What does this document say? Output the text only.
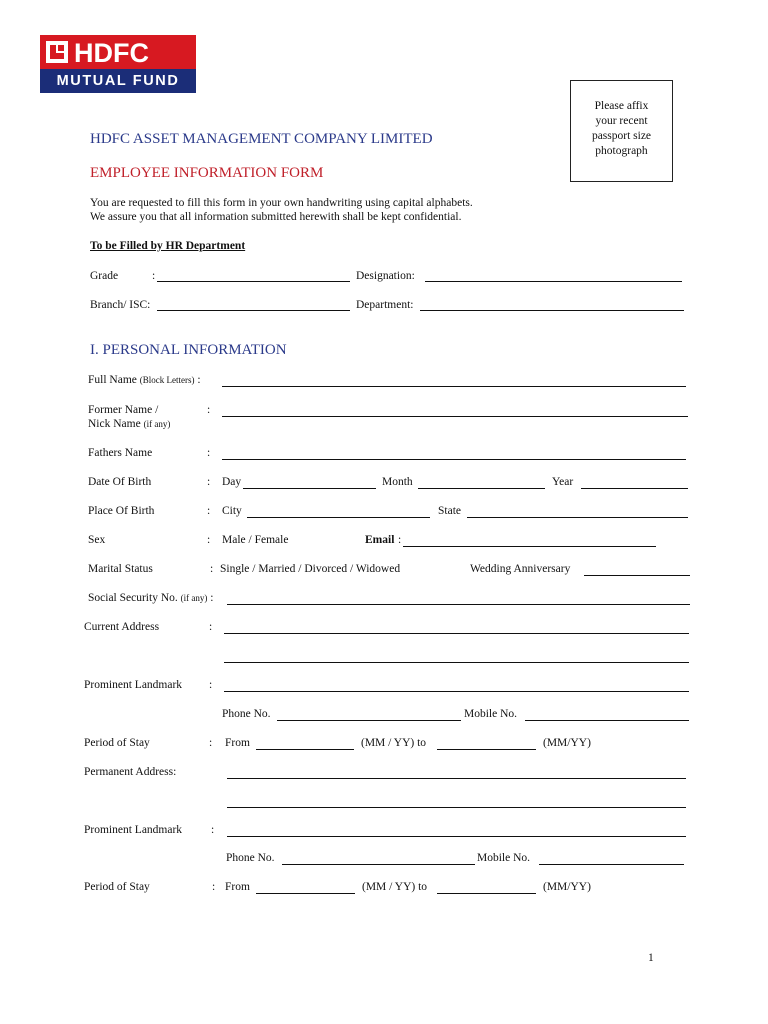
HDFC
MUTUAL FUND
Please affix
your recent
passport size
photograph
HDFC ASSET MANAGEMENT COMPANY LIMITED
EMPLOYEE INFORMATION FORM
You are requested to fill this form in your own handwriting using capital alphabets.
We assure you that all information submitted herewith shall be kept confidential.
To be Filled by HR Department
Grade	:	Designation:
Branch/ ISC:	Department:
I. PERSONAL INFORMATION
Full Name (Block Letters) :
Former Name /
Nick Name (if any)
:
Fathers Name	:
Date Of Birth	: Day	Month	Year
Place Of Birth	: City	State
Sex	: Male / Female	Email :
Marital Status	: Single / Married / Divorced / Widowed	Wedding Anniversary
Social Security No. (if any) :
Current Address	:
Prominent Landmark :
Phone No.	Mobile No.
Period of Stay	: From	(MM / YY) to	(MM/YY)
Permanent Address:
Prominent Landmark	:
Phone No.	Mobile No.
Period of Stay	: From	(MM / YY) to	(MM/YY)
1
